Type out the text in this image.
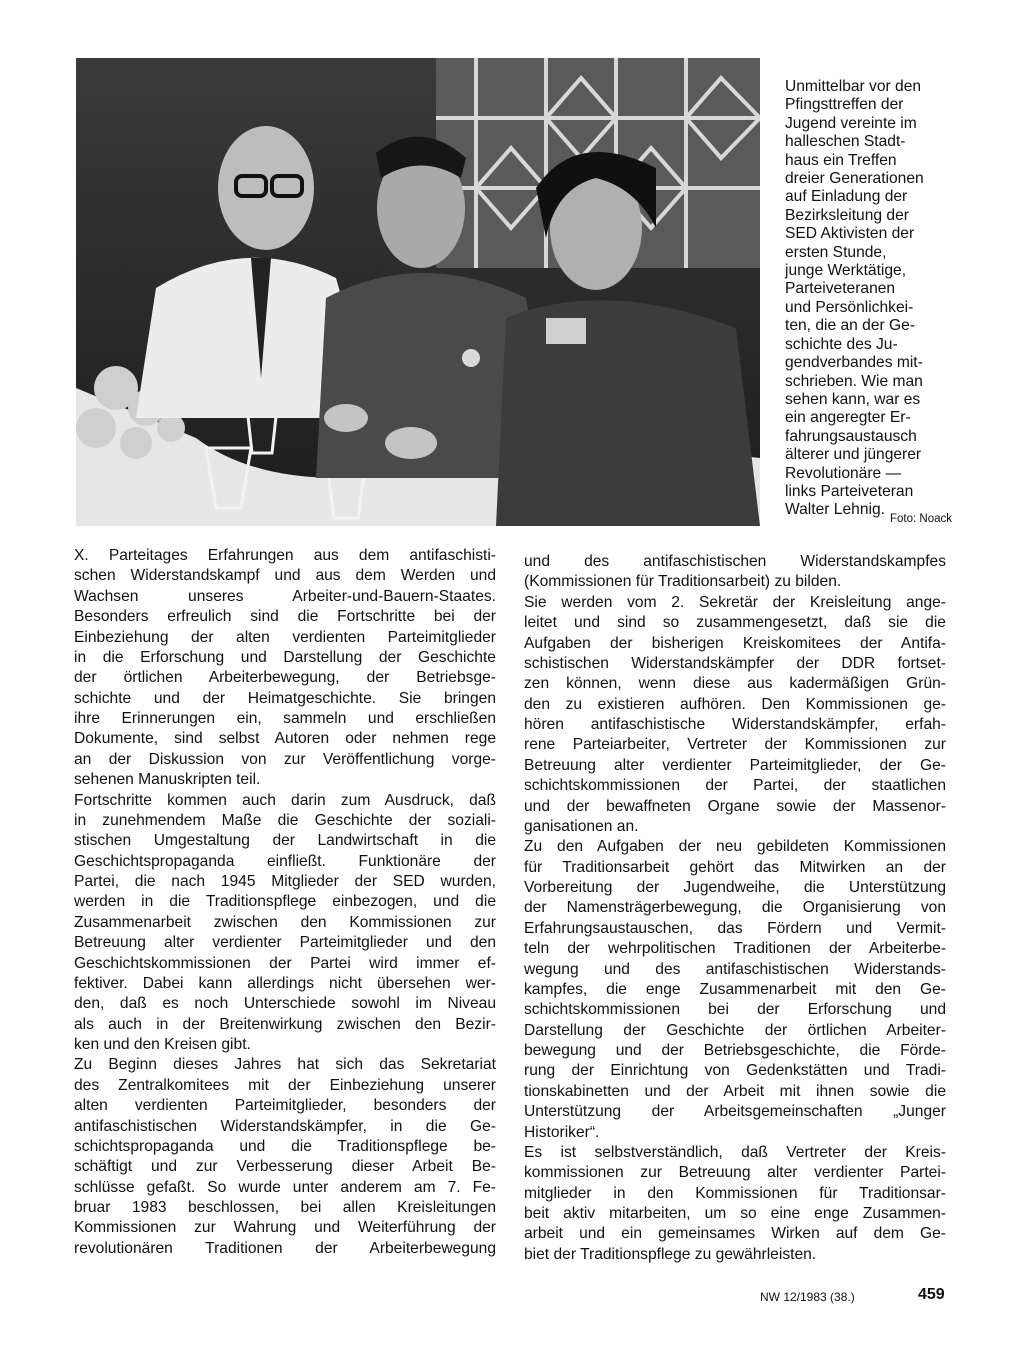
Unmittelbar vor den
Pfingsttreffen der
Jugend vereinte im
halleschen Stadt-
haus ein Treffen
dreier Generationen
auf Einladung der
Bezirksleitung der
SED Aktivisten der
ersten Stunde,
junge Werktätige,
Parteiveteranen
und Persönlichkei-
ten, die an der Ge-
schichte des Ju-
gendverbandes mit-
schrieben. Wie man
sehen kann, war es
ein angeregter Er-
fahrungsaustausch
älterer und jüngerer
Revolutionäre —
links Parteiveteran
Walter Lehnig.
Foto: Noack
X. Parteitages Erfahrungen aus dem antifaschisti-
schen Widerstandskampf und aus dem Werden und
Wachsen unseres Arbeiter-und-Bauern-Staates.
Besonders erfreulich sind die Fortschritte bei der
Einbeziehung der alten verdienten Parteimitglieder
in die Erforschung und Darstellung der Geschichte
der örtlichen Arbeiterbewegung, der Betriebsge-
schichte und der Heimatgeschichte. Sie bringen
ihre Erinnerungen ein, sammeln und erschließen
Dokumente, sind selbst Autoren oder nehmen rege
an der Diskussion von zur Veröffentlichung vorge-
sehenen Manuskripten teil.
Fortschritte kommen auch darin zum Ausdruck, daß
in zunehmendem Maße die Geschichte der soziali-
stischen Umgestaltung der Landwirtschaft in die
Geschichtspropaganda einfließt. Funktionäre der
Partei, die nach 1945 Mitglieder der SED wurden,
werden in die Traditionspflege einbezogen, und die
Zusammenarbeit zwischen den Kommissionen zur
Betreuung alter verdienter Parteimitglieder und den
Geschichtskommissionen der Partei wird immer ef-
fektiver. Dabei kann allerdings nicht übersehen wer-
den, daß es noch Unterschiede sowohl im Niveau
als auch in der Breitenwirkung zwischen den Bezir-
ken und den Kreisen gibt.
Zu Beginn dieses Jahres hat sich das Sekretariat
des Zentralkomitees mit der Einbeziehung unserer
alten verdienten Parteimitglieder, besonders der
antifaschistischen Widerstandskämpfer, in die Ge-
schichtspropaganda und die Traditionspflege be-
schäftigt und zur Verbesserung dieser Arbeit Be-
schlüsse gefaßt. So wurde unter anderem am 7. Fe-
bruar 1983 beschlossen, bei allen Kreisleitungen
Kommissionen zur Wahrung und Weiterführung der
revolutionären Traditionen der Arbeiterbewegung
und des antifaschistischen Widerstandskampfes
(Kommissionen für Traditionsarbeit) zu bilden.
Sie werden vom 2. Sekretär der Kreisleitung ange-
leitet und sind so zusammengesetzt, daß sie die
Aufgaben der bisherigen Kreiskomitees der Antifa-
schistischen Widerstandskämpfer der DDR fortset-
zen können, wenn diese aus kadermäßigen Grün-
den zu existieren aufhören. Den Kommissionen ge-
hören antifaschistische Widerstandskämpfer, erfah-
rene Parteiarbeiter, Vertreter der Kommissionen zur
Betreuung alter verdienter Parteimitglieder, der Ge-
schichtskommissionen der Partei, der staatlichen
und der bewaffneten Organe sowie der Massenor-
ganisationen an.
Zu den Aufgaben der neu gebildeten Kommissionen
für Traditionsarbeit gehört das Mitwirken an der
Vorbereitung der Jugendweihe, die Unterstützung
der Namensträgerbewegung, die Organisierung von
Erfahrungsaustauschen, das Fördern und Vermit-
teln der wehrpolitischen Traditionen der Arbeiterbe-
wegung und des antifaschistischen Widerstands-
kampfes, die enge Zusammenarbeit mit den Ge-
schichtskommissionen bei der Erforschung und
Darstellung der Geschichte der örtlichen Arbeiter-
bewegung und der Betriebsgeschichte, die Förde-
rung der Einrichtung von Gedenkstätten und Tradi-
tionskabinetten und der Arbeit mit ihnen sowie die
Unterstützung der Arbeitsgemeinschaften „Junger
Historiker“.
Es ist selbstverständlich, daß Vertreter der Kreis-
kommissionen zur Betreuung alter verdienter Partei-
mitglieder in den Kommissionen für Traditionsar-
beit aktiv mitarbeiten, um so eine enge Zusammen-
arbeit und ein gemeinsames Wirken auf dem Ge-
biet der Traditionspflege zu gewährleisten.
NW 12/1983 (38.)	459
